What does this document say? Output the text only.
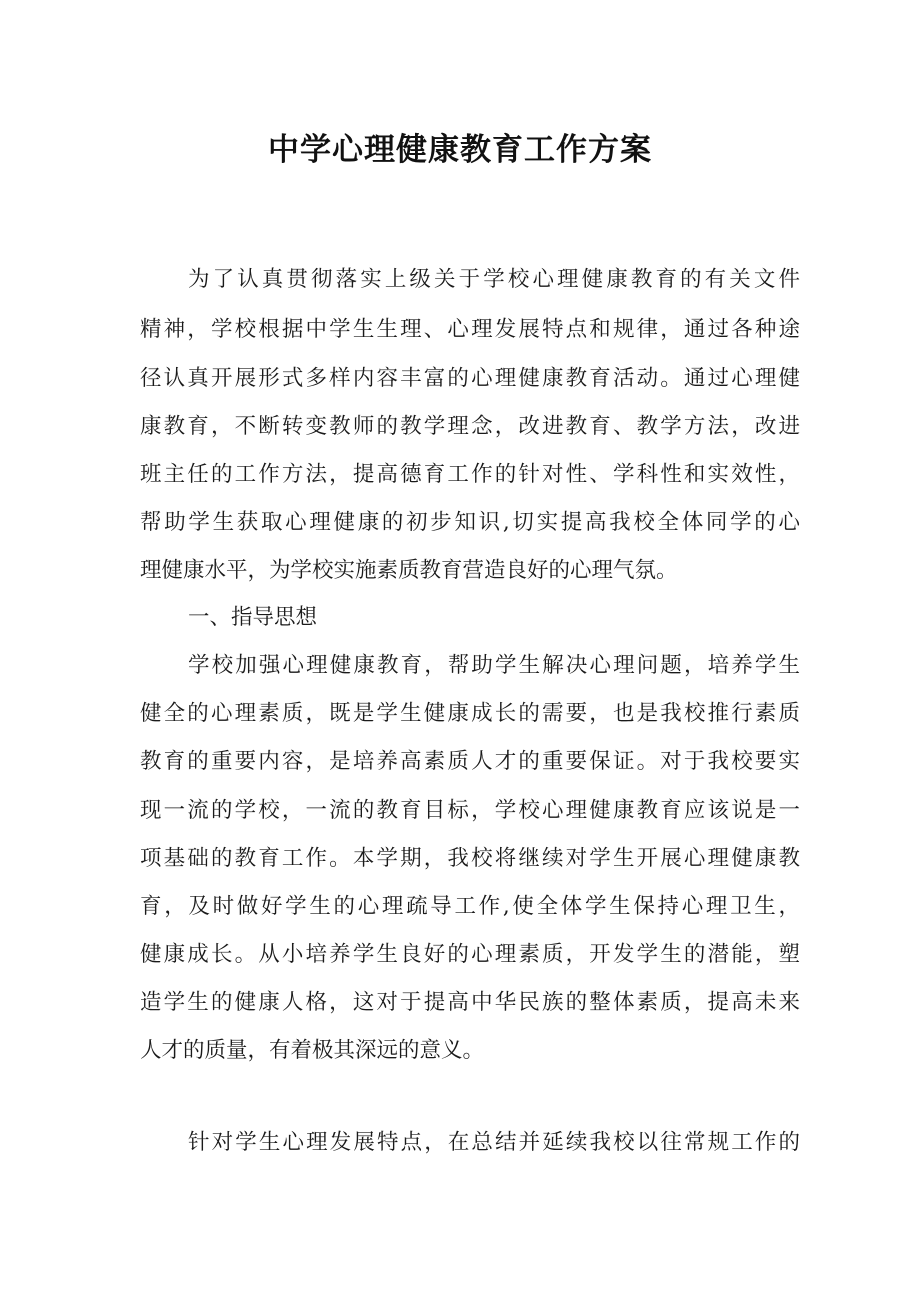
中学心理健康教育工作方案

为了认真贯彻落实上级关于学校心理健康教育的有关文件

精神，学校根据中学生生理、心理发展特点和规律，通过各种途

径认真开展形式多样内容丰富的心理健康教育活动。通过心理健

康教育，不断转变教师的教学理念，改进教育、教学方法，改进

班主任的工作方法，提高德育工作的针对性、学科性和实效性，

帮助学生获取心理健康的初步知识,切实提高我校全体同学的心

理健康水平，为学校实施素质教育营造良好的心理气氛。

一、指导思想

学校加强心理健康教育，帮助学生解决心理问题，培养学生

健全的心理素质，既是学生健康成长的需要，也是我校推行素质

教育的重要内容，是培养高素质人才的重要保证。对于我校要实

现一流的学校，一流的教育目标，学校心理健康教育应该说是一

项基础的教育工作。本学期，我校将继续对学生开展心理健康教

育，及时做好学生的心理疏导工作,使全体学生保持心理卫生，

健康成长。从小培养学生良好的心理素质，开发学生的潜能，塑

造学生的健康人格，这对于提高中华民族的整体素质，提高未来

人才的质量，有着极其深远的意义。

针对学生心理发展特点，在总结并延续我校以往常规工作的
